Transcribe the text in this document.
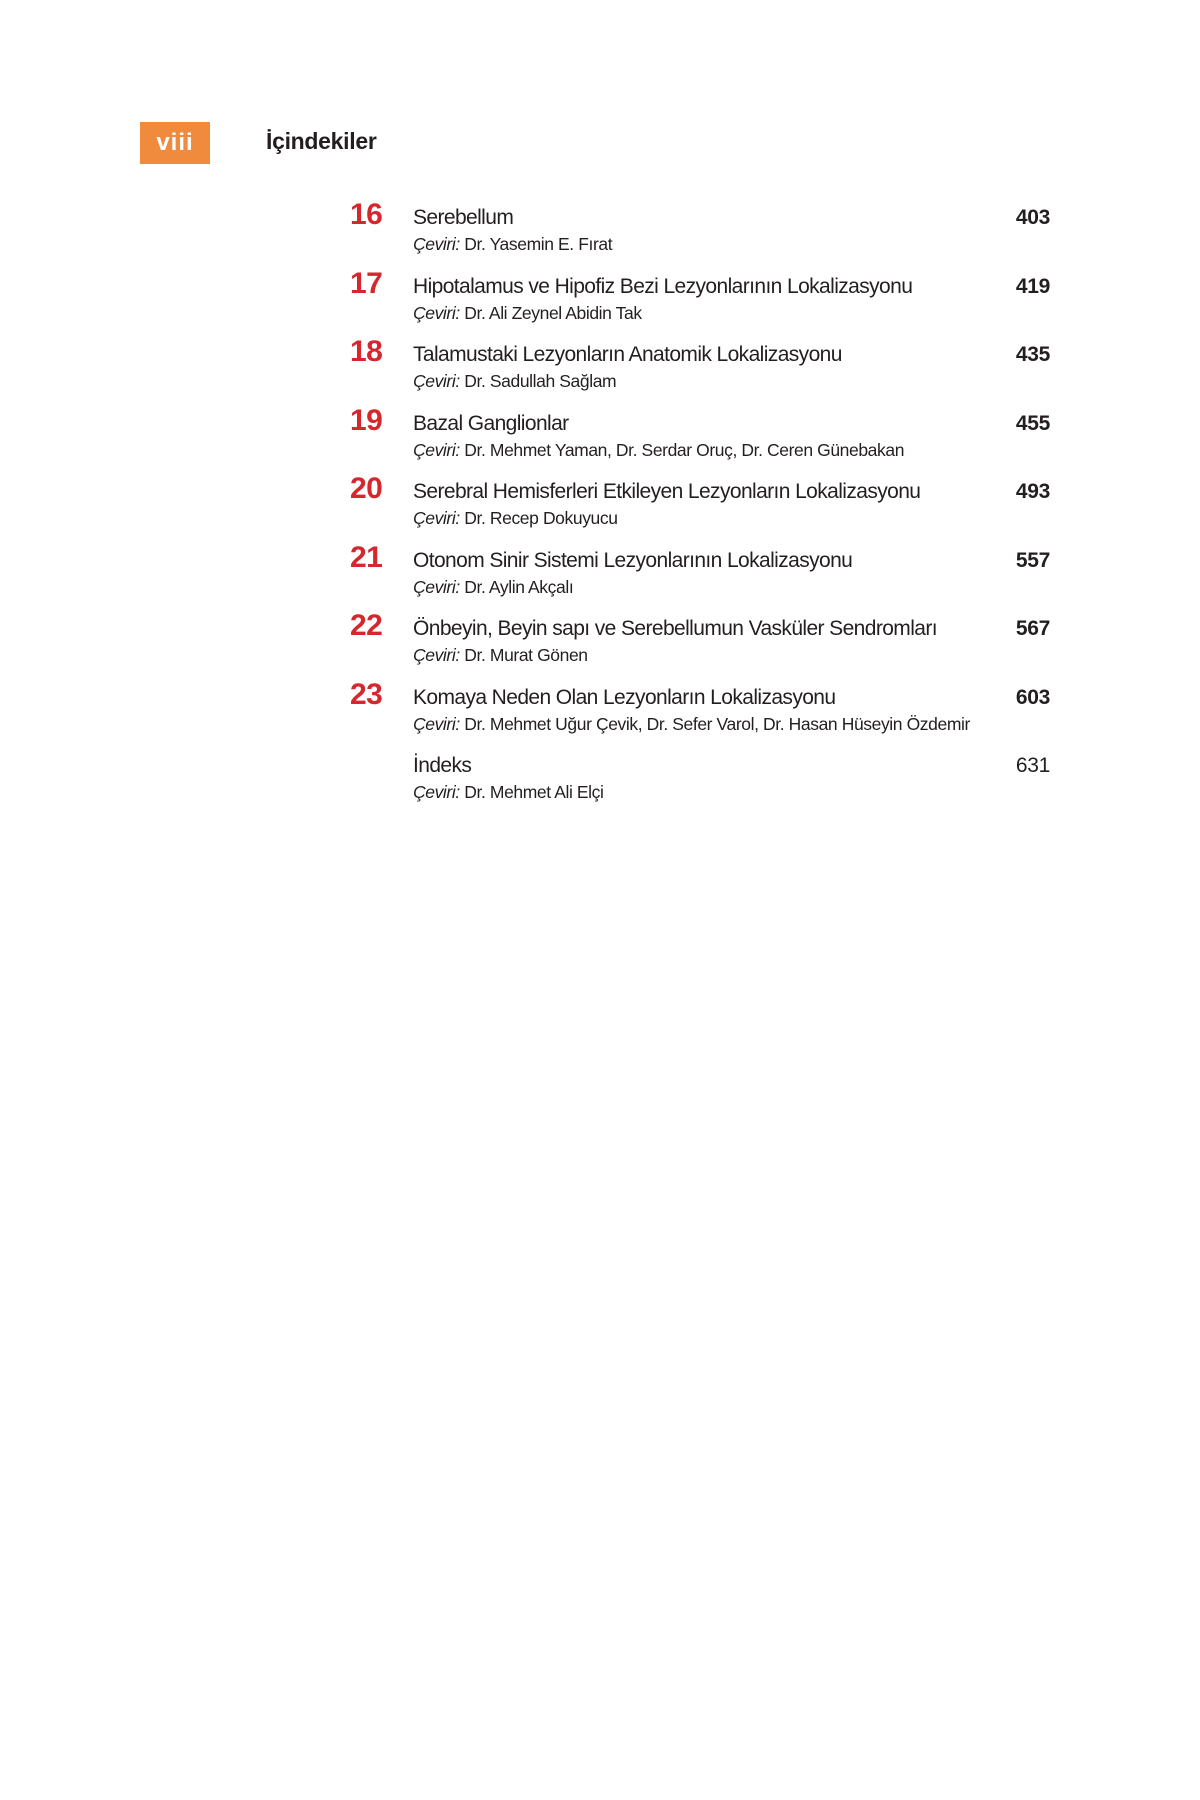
viii	İçindekiler
16 Serebellum
Çeviri: Dr. Yasemin E. Fırat
403
17 Hipotalamus ve Hipofiz Bezi Lezyonlarının Lokalizasyonu
Çeviri: Dr. Ali Zeynel Abidin Tak
419
18 Talamustaki Lezyonların Anatomik Lokalizasyonu
Çeviri: Dr. Sadullah Sağlam
435
19 Bazal Ganglionlar
Çeviri: Dr. Mehmet Yaman, Dr. Serdar Oruç, Dr. Ceren Günebakan
455
20 Serebral Hemisferleri Etkileyen Lezyonların Lokalizasyonu
Çeviri: Dr. Recep Dokuyucu
493
21 Otonom Sinir Sistemi Lezyonlarının Lokalizasyonu
Çeviri: Dr. Aylin Akçalı
557
22 Önbeyin, Beyin sapı ve Serebellumun Vasküler Sendromları
Çeviri: Dr. Murat Gönen
567
23 Komaya Neden Olan Lezyonların Lokalizasyonu
Çeviri: Dr. Mehmet Uğur Çevik, Dr. Sefer Varol, Dr. Hasan Hüseyin Özdemir
603
İndeks
Çeviri: Dr. Mehmet Ali Elçi
631
